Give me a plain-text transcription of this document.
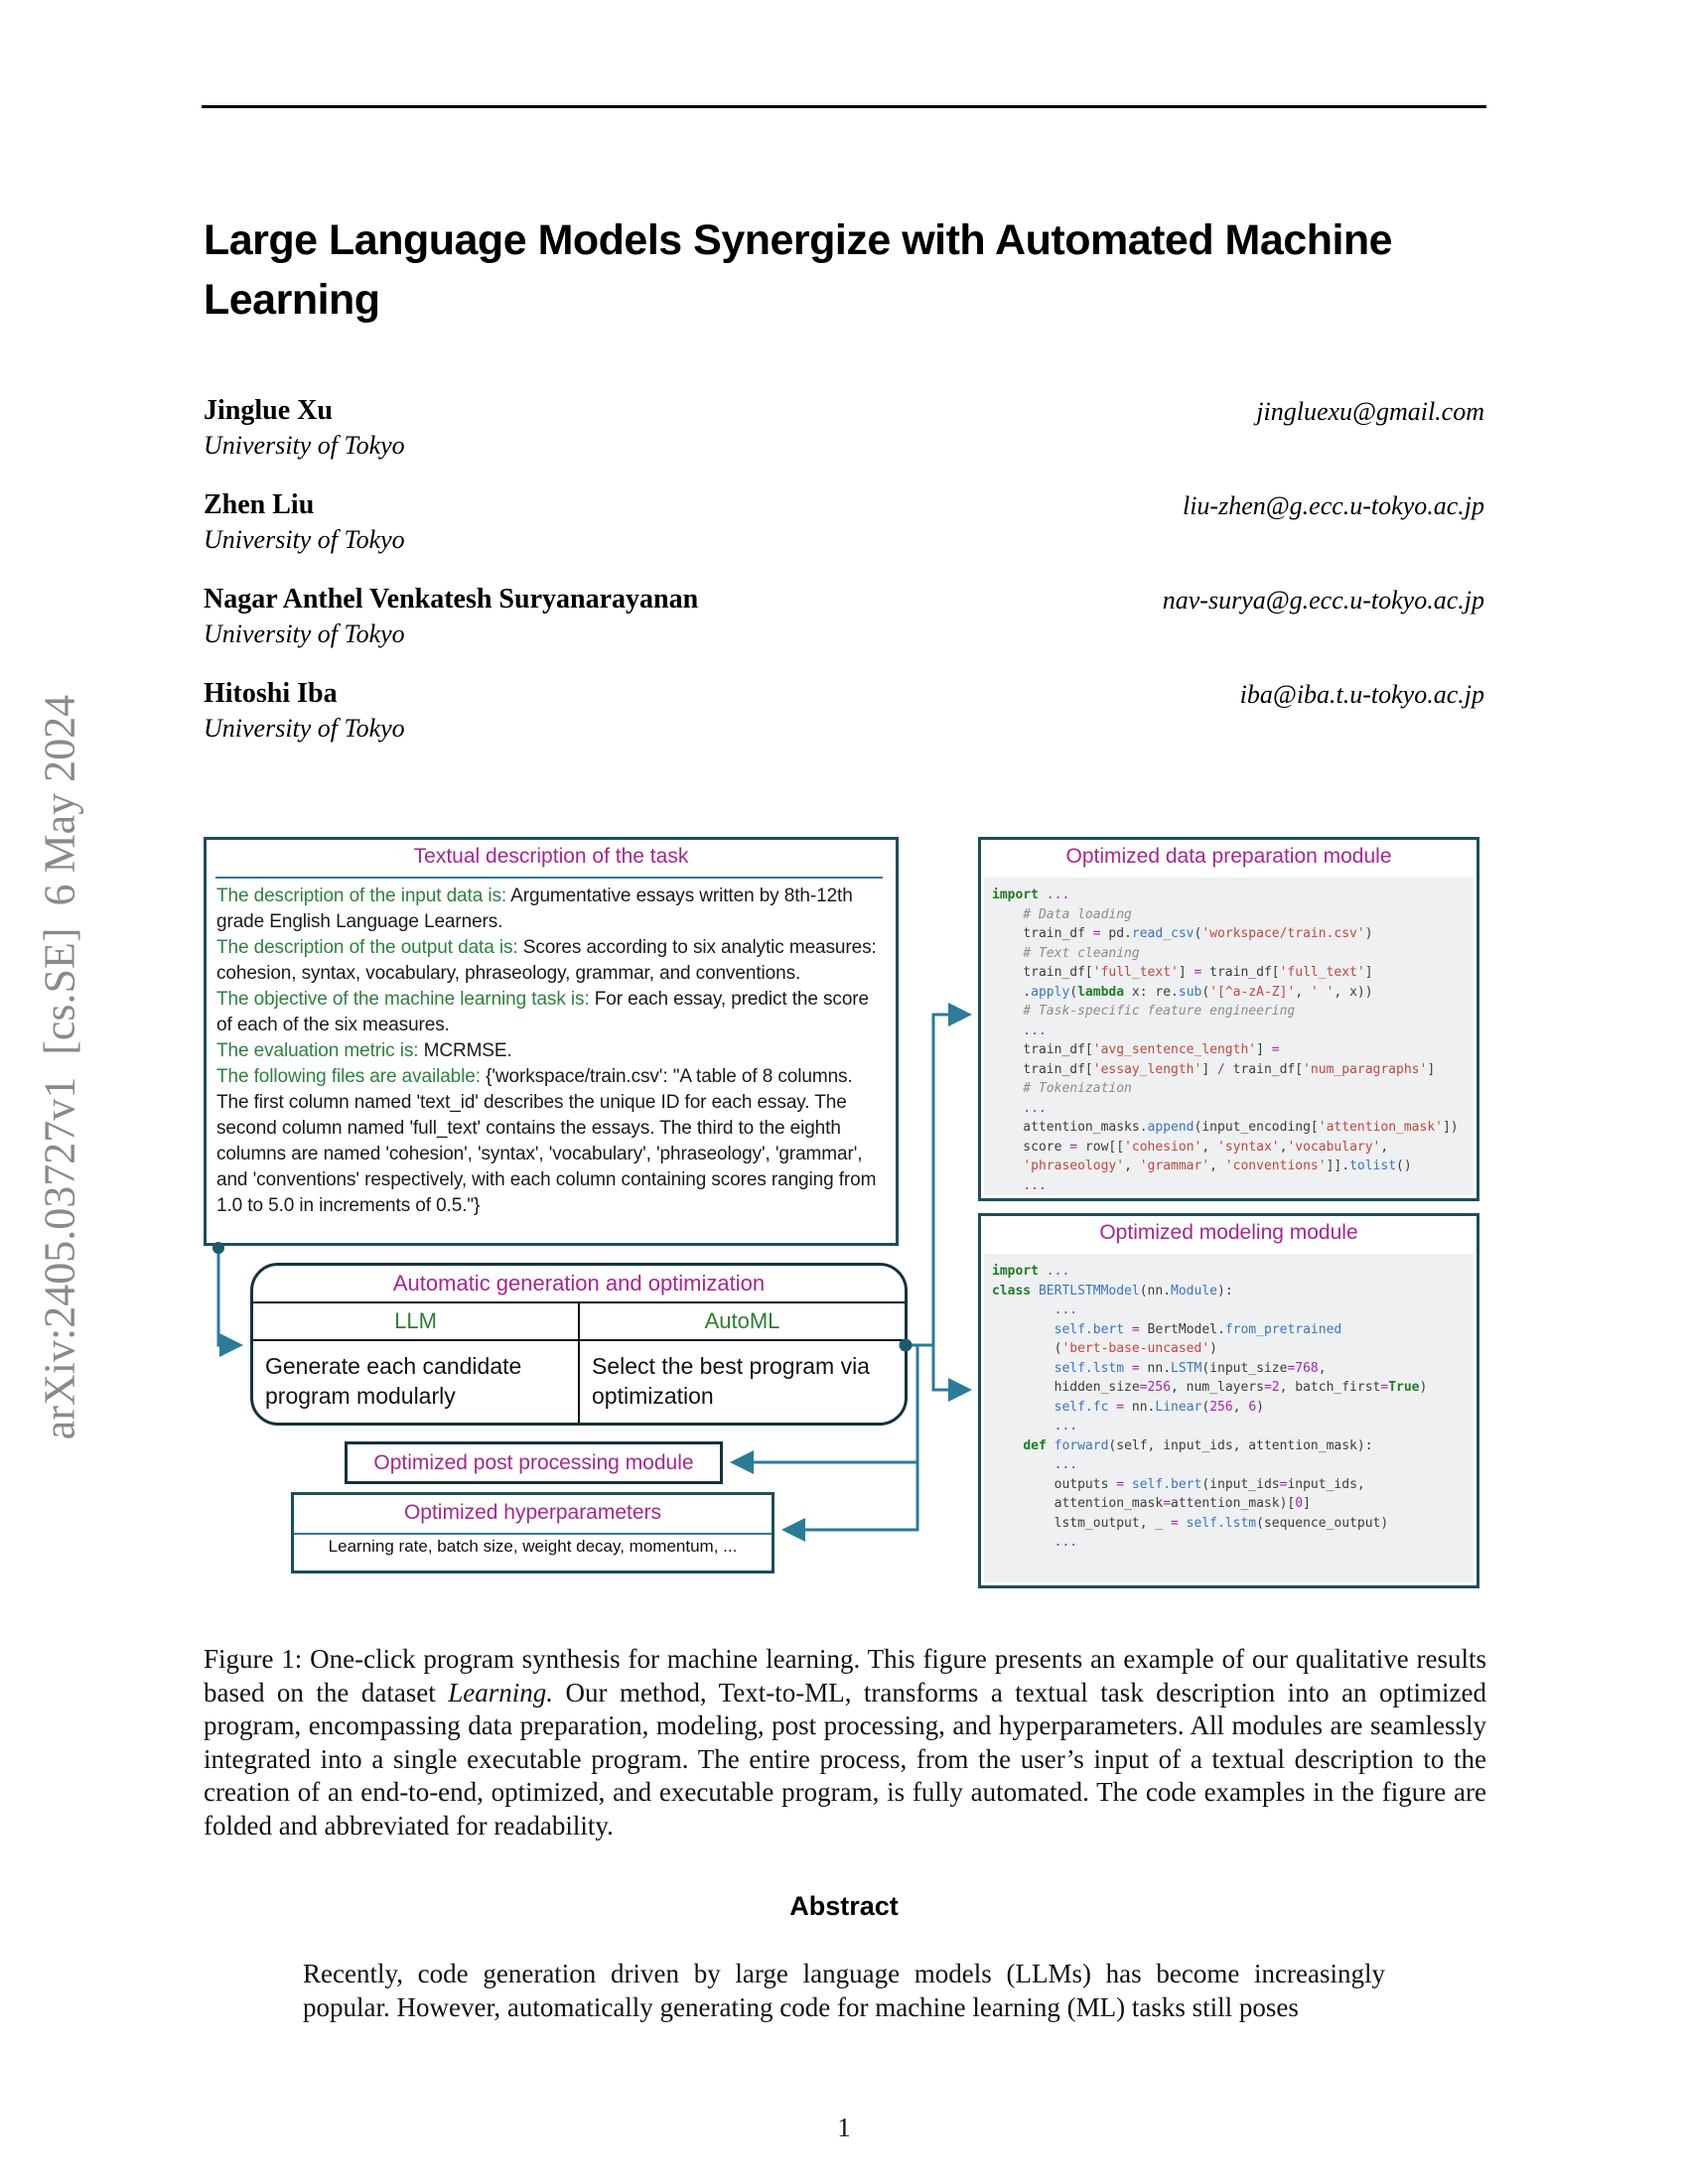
Large Language Models Synergize with Automated Machine Learning
Jinglue Xu
University of Tokyo
jingluexu@gmail.com
Zhen Liu
University of Tokyo
liu-zhen@g.ecc.u-tokyo.ac.jp
Nagar Anthel Venkatesh Suryanarayanan
University of Tokyo
nav-surya@g.ecc.u-tokyo.ac.jp
Hitoshi Iba
University of Tokyo
iba@iba.t.u-tokyo.ac.jp
arXiv:2405.03727v1  [cs.SE]  6 May 2024	Textual description of the task
The description of the input data is: Argumentative essays written by 8th-12th grade English Language Learners.
The description of the output data is: Scores according to six analytic measures: cohesion, syntax, vocabulary, phraseology, grammar, and conventions.
The objective of the machine learning task is: For each essay, predict the score of each of the six measures.
The evaluation metric is: MCRMSE.
The following files are available: {'workspace/train.csv': "A table of 8 columns. The first column named 'text_id' describes the unique ID for each essay. The second column named 'full_text' contains the essays. The third to the eighth columns are named 'cohesion', 'syntax', 'vocabulary', 'phraseology', 'grammar', and 'conventions' respectively, with each column containing scores ranging from 1.0 to 5.0 in increments of 0.5."}
Optimized data preparation module
import ...
# Data loading
train_df = pd.read_csv('workspace/train.csv')
# Text cleaning
train_df['full_text'] = train_df['full_text']
.apply(lambda x: re.sub('[^a-zA-Z]', ' ', x))
# Task-specific feature engineering
...
train_df['avg_sentence_length'] =
train_df['essay_length'] / train_df['num_paragraphs']
# Tokenization
...
attention_masks.append(input_encoding['attention_mask'])
score = row[['cohesion', 'syntax','vocabulary',
'phraseology', 'grammar', 'conventions']].tolist()
...
Optimized modeling module
import ...
class BERTLSTMModel(nn.Module):
...
self.bert = BertModel.from_pretrained
('bert-base-uncased')
self.lstm = nn.LSTM(input_size=768,
hidden_size=256, num_layers=2, batch_first=True)
self.fc = nn.Linear(256, 6)
...
def forward(self, input_ids, attention_mask):
...
outputs = self.bert(input_ids=input_ids,
attention_mask=attention_mask)[0]
lstm_output, _ = self.lstm(sequence_output)
...
Automatic generation and optimization
LLM
Generate each candidate program modularly
AutoML
Select the best program via optimization
Optimized post processing module
Optimized hyperparameters
Learning rate, batch size, weight decay, momentum, ...
Figure 1: One-click program synthesis for machine learning. This figure presents an example of our qualitative results based on the dataset Learning. Our method, Text-to-ML, transforms a textual task description into an optimized program, encompassing data preparation, modeling, post processing, and hyperparameters. All modules are seamlessly integrated into a single executable program. The entire process, from the user’s input of a textual description to the creation of an end-to-end, optimized, and executable program, is fully automated. The code examples in the figure are folded and abbreviated for readability.
Abstract
Recently, code generation driven by large language models (LLMs) has become increasingly popular. However, automatically generating code for machine learning (ML) tasks still poses
1
